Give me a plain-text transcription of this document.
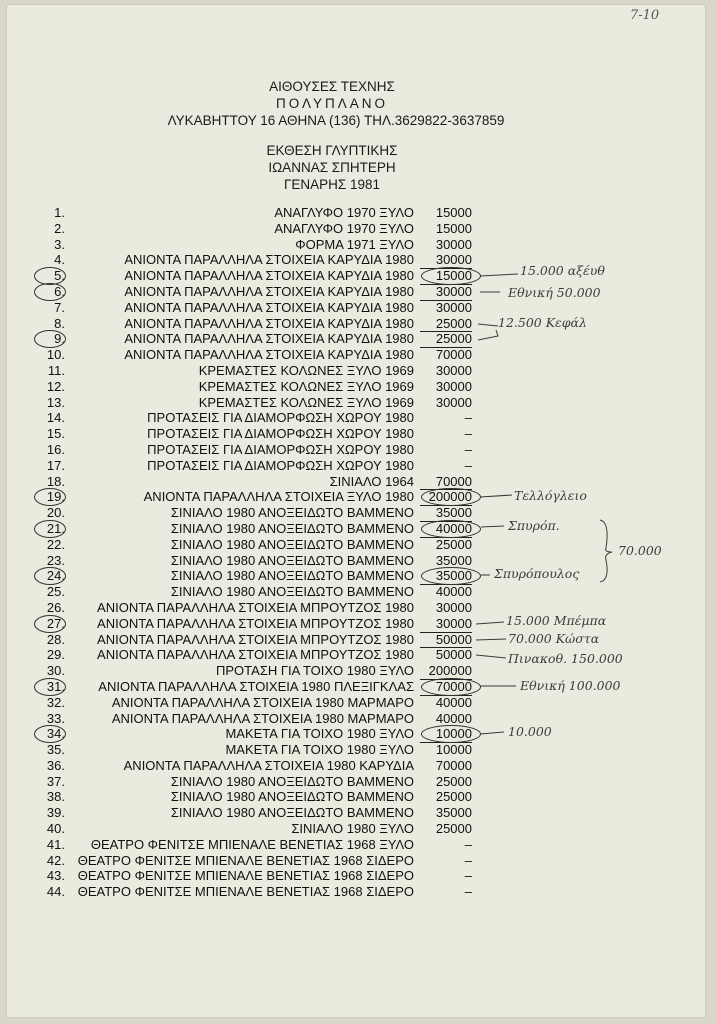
7-10
ΑΙΘΟΥΣΕΣ ΤΕΧΝΗΣ
ΠΟΛΥΠΛΑΝΟ
ΛΥΚΑΒΗΤΤΟΥ 16 ΑΘΗΝΑ (136) ΤΗΛ.3629822-3637859
ΕΚΘΕΣΗ ΓΛΥΠΤΙΚΗΣ
ΙΩΑΝΝΑΣ ΣΠΗΤΕΡΗ
ΓΕΝΑΡΗΣ 1981
1.	ΑΝΑΓΛΥΦΟ 1970 ΞΥΛΟ	15000
2.	ΑΝΑΓΛΥΦΟ 1970 ΞΥΛΟ	15000
3.	ΦΟΡΜΑ 1971 ΞΥΛΟ	30000
4.	ΑΝΙΟΝΤΑ ΠΑΡΑΛΛΗΛΑ ΣΤΟΙΧΕΙΑ ΚΑΡΥΔΙΑ 1980	30000
5.	ΑΝΙΟΝΤΑ ΠΑΡΑΛΛΗΛΑ ΣΤΟΙΧΕΙΑ ΚΑΡΥΔΙΑ 1980	15000
6.	ΑΝΙΟΝΤΑ ΠΑΡΑΛΛΗΛΑ ΣΤΟΙΧΕΙΑ ΚΑΡΥΔΙΑ 1980	30000
7.	ΑΝΙΟΝΤΑ ΠΑΡΑΛΛΗΛΑ ΣΤΟΙΧΕΙΑ ΚΑΡΥΔΙΑ 1980	30000
8.	ΑΝΙΟΝΤΑ ΠΑΡΑΛΛΗΛΑ ΣΤΟΙΧΕΙΑ ΚΑΡΥΔΙΑ 1980	25000
9.	ΑΝΙΟΝΤΑ ΠΑΡΑΛΛΗΛΑ ΣΤΟΙΧΕΙΑ ΚΑΡΥΔΙΑ 1980	25000
10.	ΑΝΙΟΝΤΑ ΠΑΡΑΛΛΗΛΑ ΣΤΟΙΧΕΙΑ ΚΑΡΥΔΙΑ 1980	70000
11.	ΚΡΕΜΑΣΤΕΣ ΚΟΛΩΝΕΣ ΞΥΛΟ 1969	30000
12.	ΚΡΕΜΑΣΤΕΣ ΚΟΛΩΝΕΣ ΞΥΛΟ 1969	30000
13.	ΚΡΕΜΑΣΤΕΣ ΚΟΛΩΝΕΣ ΞΥΛΟ 1969	30000
14.	ΠΡΟΤΑΣΕΙΣ ΓΙΑ ΔΙΑΜΟΡΦΩΣΗ ΧΩΡΟΥ 1980	–
15.	ΠΡΟΤΑΣΕΙΣ ΓΙΑ ΔΙΑΜΟΡΦΩΣΗ ΧΩΡΟΥ 1980	–
16.	ΠΡΟΤΑΣΕΙΣ ΓΙΑ ΔΙΑΜΟΡΦΩΣΗ ΧΩΡΟΥ 1980	–
17.	ΠΡΟΤΑΣΕΙΣ ΓΙΑ ΔΙΑΜΟΡΦΩΣΗ ΧΩΡΟΥ 1980	–
18.	ΣΙΝΙΑΛΟ 1964	70000
19.	ΑΝΙΟΝΤΑ ΠΑΡΑΛΛΗΛΑ ΣΤΟΙΧΕΙΑ ΞΥΛΟ 1980	200000
20.	ΣΙΝΙΑΛΟ 1980 ΑΝΟΞΕΙΔΩΤΟ ΒΑΜΜΕΝΟ	35000
21.	ΣΙΝΙΑΛΟ 1980 ΑΝΟΞΕΙΔΩΤΟ ΒΑΜΜΕΝΟ	40000
22.	ΣΙΝΙΑΛΟ 1980 ΑΝΟΞΕΙΔΩΤΟ ΒΑΜΜΕΝΟ	25000
23.	ΣΙΝΙΑΛΟ 1980 ΑΝΟΞΕΙΔΩΤΟ ΒΑΜΜΕΝΟ	35000
24.	ΣΙΝΙΑΛΟ 1980 ΑΝΟΞΕΙΔΩΤΟ ΒΑΜΜΕΝΟ	35000
25.	ΣΙΝΙΑΛΟ 1980 ΑΝΟΞΕΙΔΩΤΟ ΒΑΜΜΕΝΟ	40000
26. ΑΝΙΟΝΤΑ ΠΑΡΑΛΛΗΛΑ ΣΤΟΙΧΕΙΑ ΜΠΡΟΥΤΖΟΣ 1980	30000
27. ΑΝΙΟΝΤΑ ΠΑΡΑΛΛΗΛΑ ΣΤΟΙΧΕΙΑ ΜΠΡΟΥΤΖΟΣ 1980	30000
28. ΑΝΙΟΝΤΑ ΠΑΡΑΛΛΗΛΑ ΣΤΟΙΧΕΙΑ ΜΠΡΟΥΤΖΟΣ 1980	50000
29. ΑΝΙΟΝΤΑ ΠΑΡΑΛΛΗΛΑ ΣΤΟΙΧΕΙΑ ΜΠΡΟΥΤΖΟΣ 1980	50000
30.	ΠΡΟΤΑΣΗ ΓΙΑ ΤΟΙΧΟ 1980 ΞΥΛΟ	200000
31.	ΑΝΙΟΝΤΑ ΠΑΡΑΛΛΗΛΑ ΣΤΟΙΧΕΙΑ 1980 ΠΛΕΞΙΓΚΛΑΣ	70000
32.	ΑΝΙΟΝΤΑ ΠΑΡΑΛΛΗΛΑ ΣΤΟΙΧΕΙΑ 1980 ΜΑΡΜΑΡΟ	40000
33.	ΑΝΙΟΝΤΑ ΠΑΡΑΛΛΗΛΑ ΣΤΟΙΧΕΙΑ 1980 ΜΑΡΜΑΡΟ	40000
34.	ΜΑΚΕΤΑ ΓΙΑ ΤΟΙΧΟ 1980 ΞΥΛΟ	10000
35.	ΜΑΚΕΤΑ ΓΙΑ ΤΟΙΧΟ 1980 ΞΥΛΟ	10000
36.	ΑΝΙΟΝΤΑ ΠΑΡΑΛΛΗΛΑ ΣΤΟΙΧΕΙΑ 1980 ΚΑΡΥΔΙΑ	70000
37.	ΣΙΝΙΑΛΟ 1980 ΑΝΟΞΕΙΔΩΤΟ ΒΑΜΜΕΝΟ	25000
38.	ΣΙΝΙΑΛΟ 1980 ΑΝΟΞΕΙΔΩΤΟ ΒΑΜΜΕΝΟ	25000
39.	ΣΙΝΙΑΛΟ 1980 ΑΝΟΞΕΙΔΩΤΟ ΒΑΜΜΕΝΟ	35000
40.	ΣΙΝΙΑΛΟ 1980 ΞΥΛΟ	25000
41. ΘΕΑΤΡΟ ΦΕΝΙΤΣΕ ΜΠΙΕΝΑΛΕ ΒΕΝΕΤΙΑΣ 1968 ΞΥΛΟ	–
42. ΘΕΑΤΡΟ ΦΕΝΙΤΣΕ ΜΠΙΕΝΑΛΕ ΒΕΝΕΤΙΑΣ 1968 ΣΙΔΕΡΟ	–
43. ΘΕΑΤΡΟ ΦΕΝΙΤΣΕ ΜΠΙΕΝΑΛΕ ΒΕΝΕΤΙΑΣ 1968 ΣΙΔΕΡΟ	–
44. ΘΕΑΤΡΟ ΦΕΝΙΤΣΕ ΜΠΙΕΝΑΛΕ ΒΕΝΕΤΙΑΣ 1968 ΣΙΔΕΡΟ	–
15.000 αξέυθ
Εθνική 50.000
12.500 Κεφάλ
Τελλόγλειο
Σπυρόπ.
70.000
Σπυρόπουλος
15.000 Μπέμπα
70.000 Κώστα
Πινακοθ. 150.000
Εθνική 100.000
10.000
